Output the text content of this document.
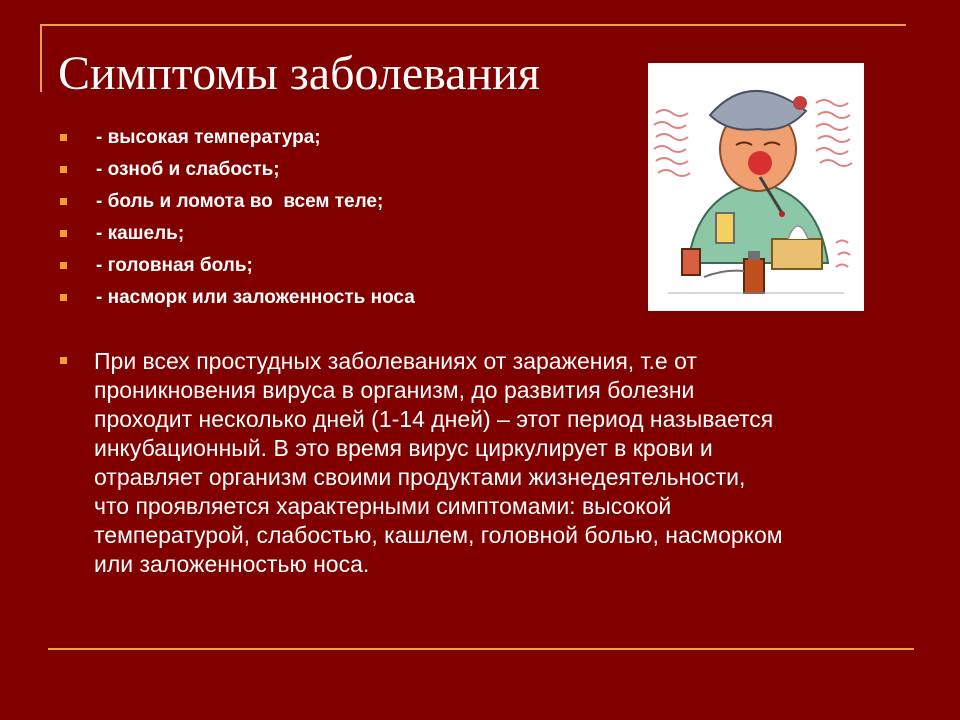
Симптомы заболевания
- высокая температура;
- озноб и слабость;
- боль и ломота во  всем теле;
- кашель;
- головная боль;
- насморк или заложенность носа

При всех простудных заболеваниях от заражения, т.е от
проникновения вируса в организм, до развития болезни
проходит несколько дней (1-14 дней) – этот период называется
инкубационный. В это время вирус циркулирует в крови и
отравляет организм своими продуктами жизнедеятельности,
что проявляется характерными симптомами: высокой
температурой, слабостью, кашлем, головной болью, насморком
или заложенностью носа.
